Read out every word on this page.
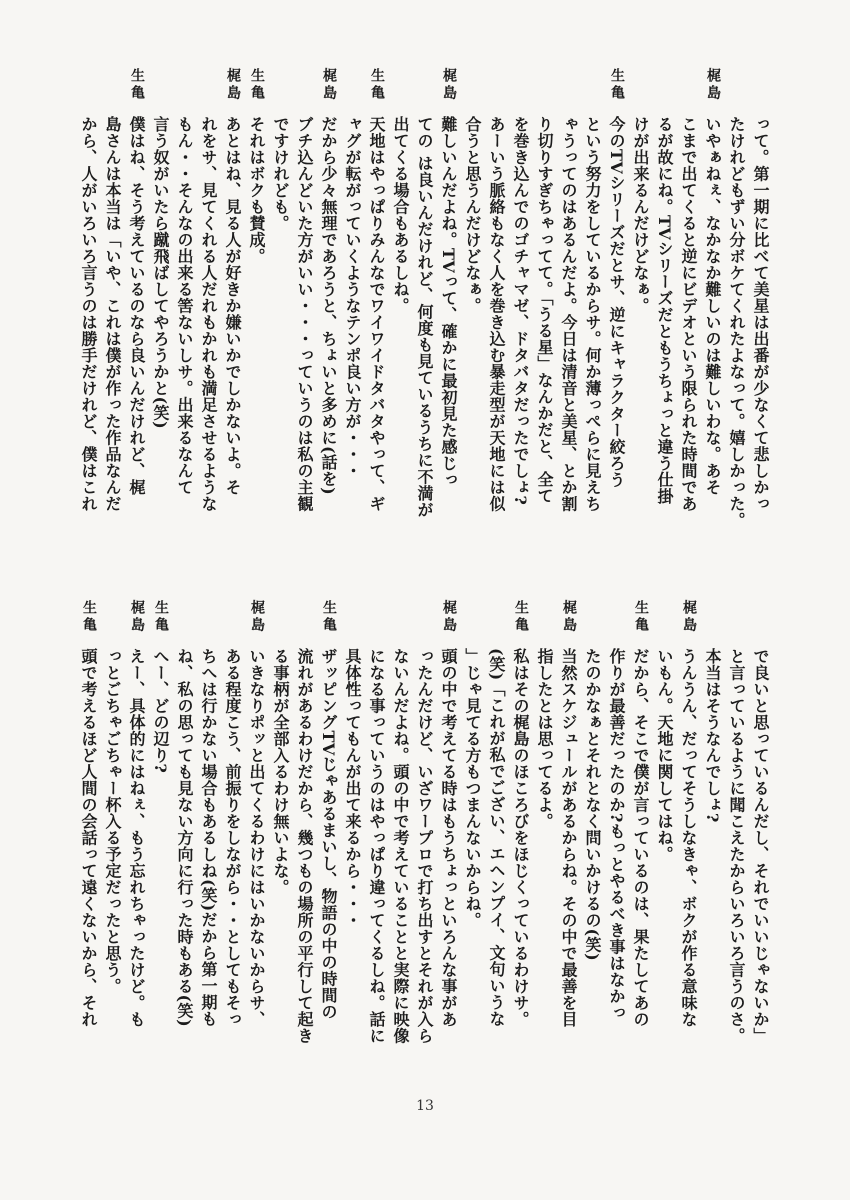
って。第一期に比べて美星は出番が少なくて悲しかっ
たけれどもずい分ボケてくれたよなって。嬉しかった。
梶島
いやぁねぇ、なかなか難しいのは難しいわな。あそ
こまで出てくると逆にビデオという限られた時間であ
るが故にね。TVシリーズだともうちょっと違う仕掛
けが出来るんだけどなぁ。
生亀
今のTVシリーズだとサ、逆にキャラクター絞ろう
という努力をしているからサ。何か薄っぺらに見えち
ゃうってのはあるんだよ。今日は清音と美星、とか割
り切りすぎちゃってて。「うる星」なんかだと、全て
を巻き込んでのゴチャマゼ、ドタバタだったでしょ?
あーいう脈絡もなく人を巻き込む暴走型が天地には似
合うと思うんだけどなぁ。
梶島
難しいんだよね。TVって、確かに最初見た感じっ
ての は良いんだけれど、何度も見ているうちに不満が
出てくる場合もあるしね。
生亀
天地はやっぱりみんなでワイワイドタバタやって、ギ
ャグが転がっていくようなテンポ良い方が・・・
梶島
だから少々無理であろうと、ちょいと多めに(話を)
ブチ込んどいた方がいい・・・っていうのは私の主観
ですけれども。
生亀
それはボクも賛成。
梶島
あとはね、見る人が好きか嫌いかでしかないよ。そ
れをサ、見てくれる人だれもかれも満足させるような
もん・・そんなの出来る筈ないしサ。出来るなんて
言う奴がいたら蹴飛ばしてやろうかと(笑)
生亀
僕はね、そう考えているのなら良いんだけれど、梶
島さんは本当は「いや、これは僕が作った作品なんだ
から、人がいろいろ言うのは勝手だけれど、僕はこれ
で良いと思っているんだし、それでいいじゃないか」
と言っているように聞こえたからいろいろ言うのさ。
本当はそうなんでしょ?
梶島
うんうん、だってそうしなきゃ、ボクが作る意味な
いもん。天地に関してはね。
生亀
だから、そこで僕が言っているのは、果たしてあの
作りが最善だったのか?もっとやるべき事はなかっ
たのかなぁとそれとなく問いかけるの(笑)
梶島
当然スケジュールがあるからね。その中で最善を目
指したとは思ってるよ。
生亀
私はその梶島のほころびをほじくっているわけサ。
(笑)「これが私でござい、エヘンプイ、文句いうな
」じゃ見てる方もつまんないからね。
梶島
頭の中で考えてる時はもうちょっといろんな事があ
ったんだけど、いざワープロで打ち出すとそれが入ら
ないんだよね。頭の中で考えていることと実際に映像
になる事っていうのはやっぱり違ってくるしね。話に
具体性ってもんが出て来るから・・・
生亀
ザッピングTVじゃあるまいし、物語の中の時間の
流れがあるわけだから、幾つもの場所の平行して起き
る事柄が全部入るわけ無いよな。
梶島
いきなりポッと出てくるわけにはいかないからサ、
ある程度こう、前振りをしながら・・としてもそっ
ちへは行かない場合もあるしね(笑)だから第一期も
ね、私の思っても見ない方向に行った時もある(笑)
生亀
へー、どの辺り?
梶島
えー、具体的にはねぇ、もう忘れちゃったけど。も
っとごちゃごちゃー杯入る予定だったと思う。
生亀
頭で考えるほど人間の会話って遠くないから、それ
13
